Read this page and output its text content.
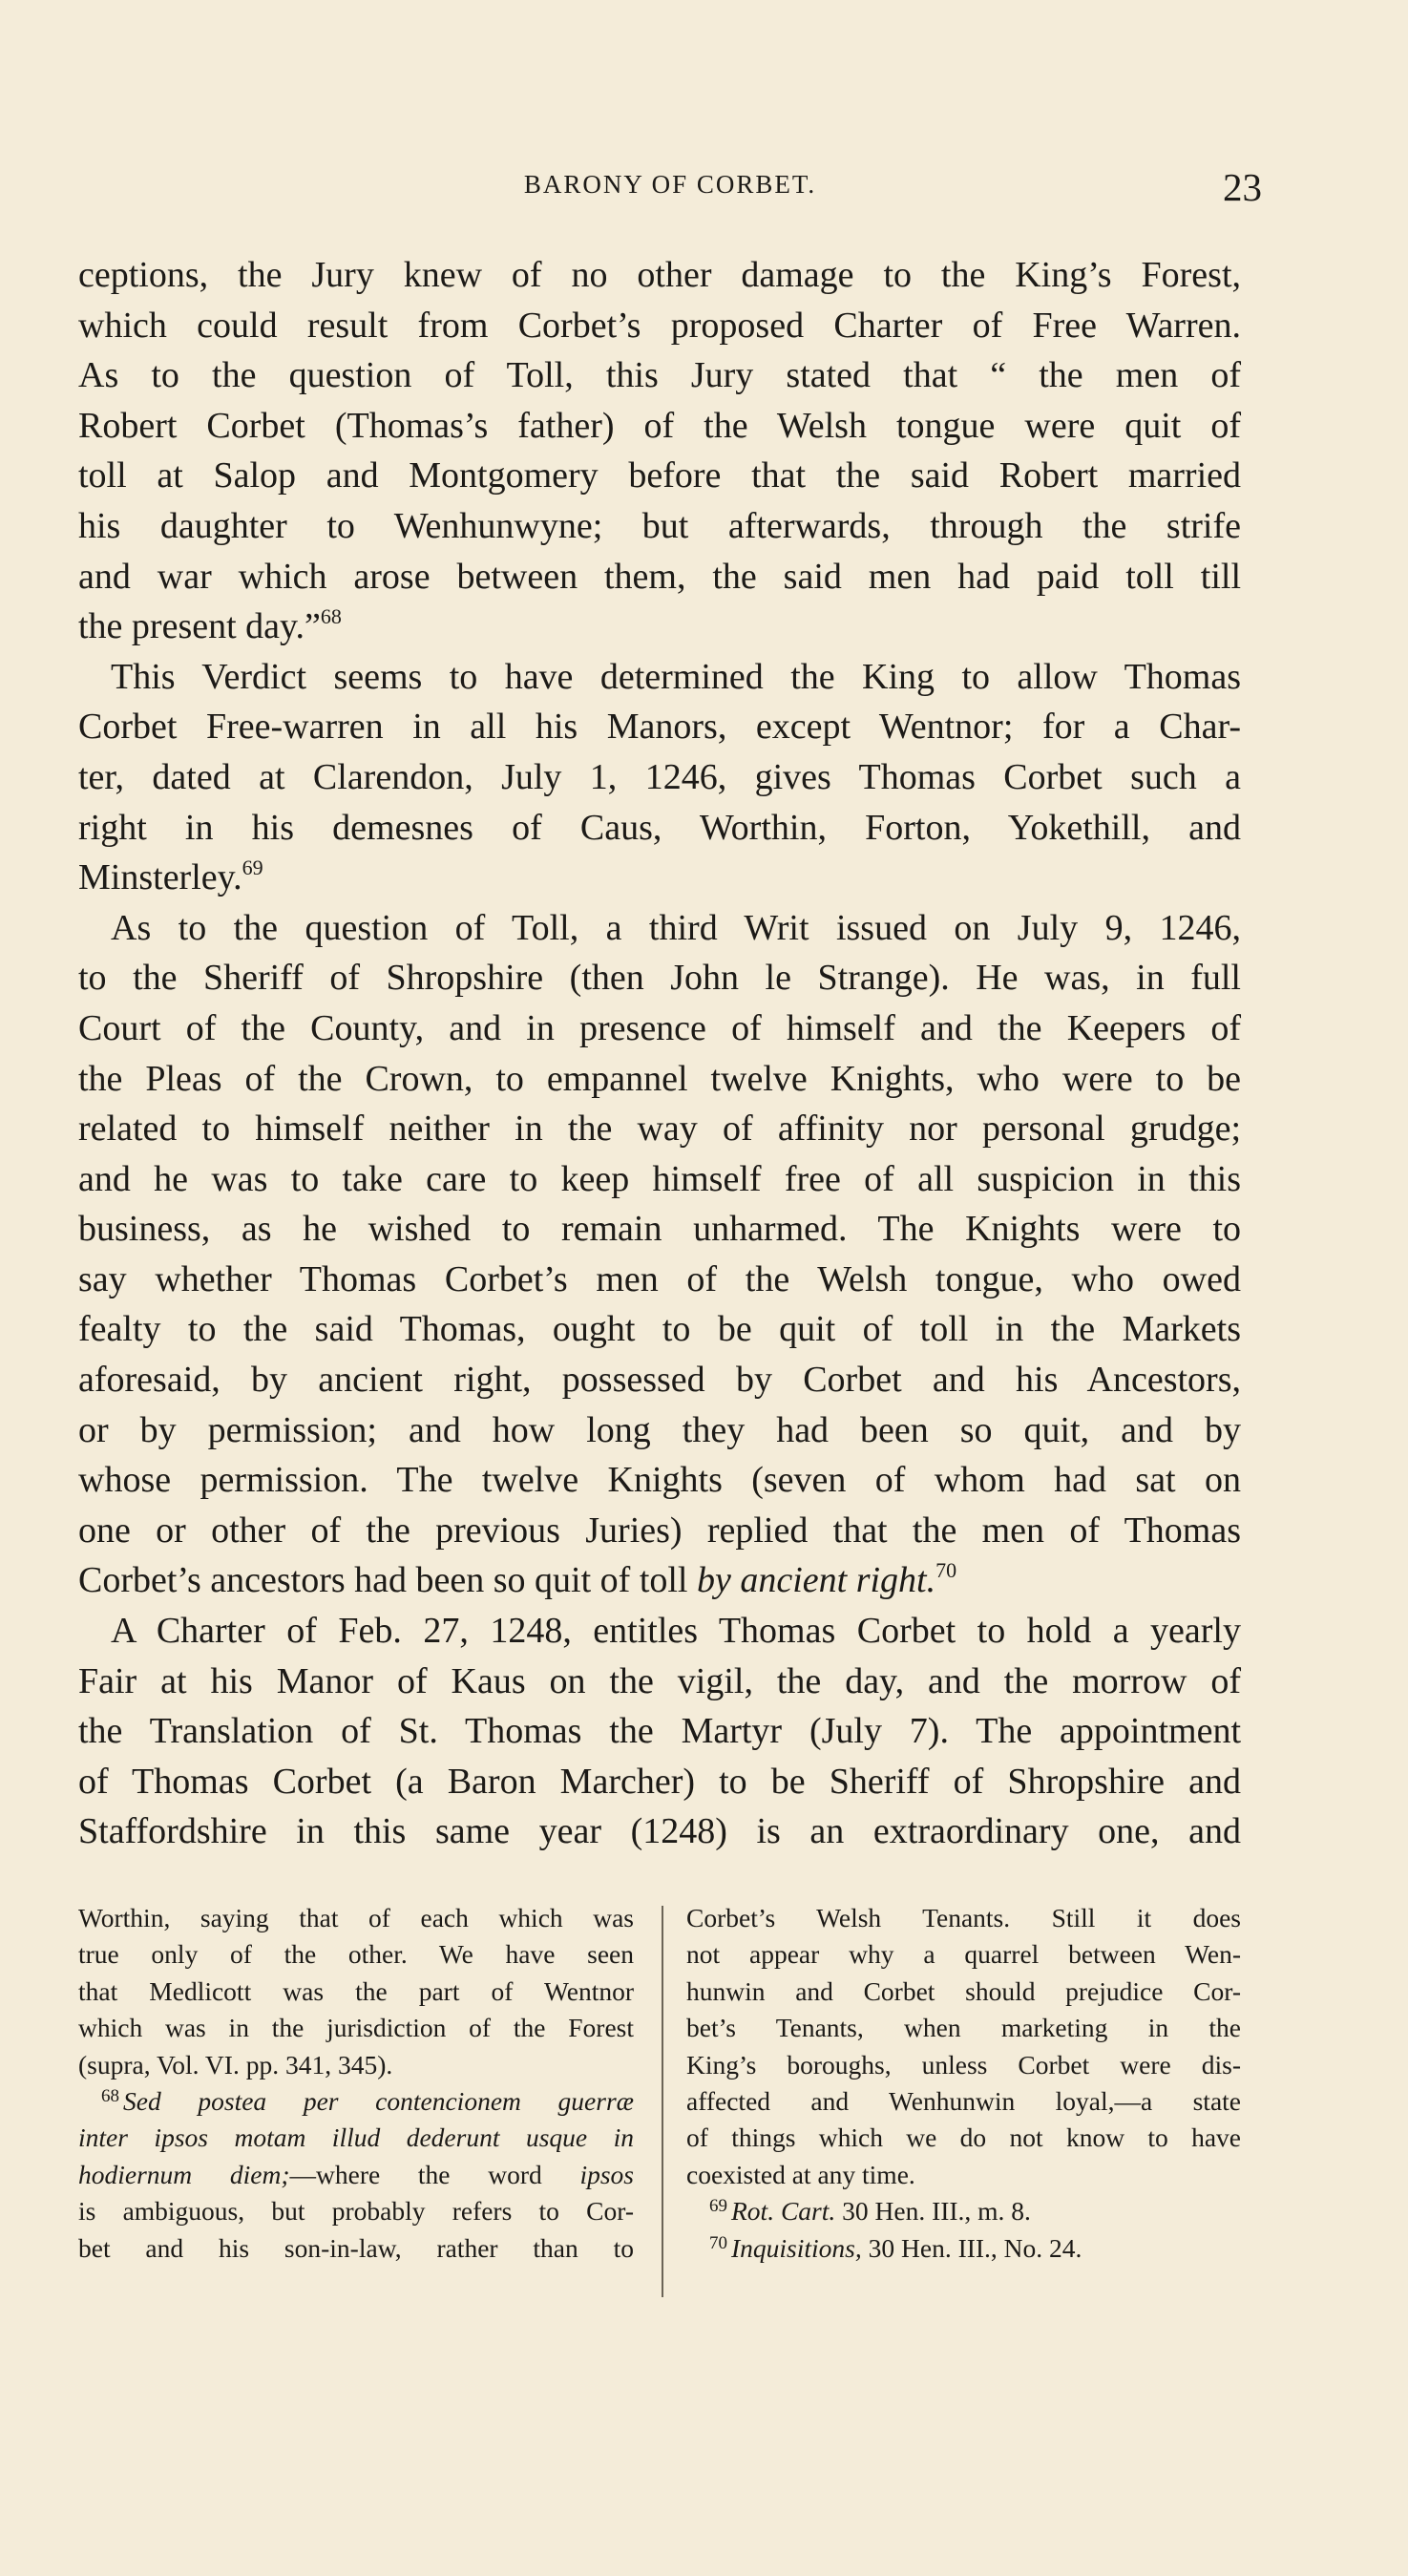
BARONY OF CORBET.	23
ceptions, the Jury knew of no other damage to the King’s Forest,
which could result from Corbet’s proposed Charter of Free Warren.
As to the question of Toll, this Jury stated that “ the men of
Robert Corbet (Thomas’s father) of the Welsh tongue were quit of
toll at Salop and Montgomery before that the said Robert married
his daughter to Wenhunwyne; but afterwards, through the strife
and war which arose between them, the said men had paid toll till
the present day.”$^{68}$
This Verdict seems to have determined the King to allow Thomas
Corbet Free-warren in all his Manors, except Wentnor; for a Char-
ter, dated at Clarendon, July 1, 1246, gives Thomas Corbet such a
right in his demesnes of Caus, Worthin, Forton, Yokethill, and
Minsterley.$^{69}$
As to the question of Toll, a third Writ issued on July 9, 1246,
to the Sheriff of Shropshire (then John le Strange). He was, in full
Court of the County, and in presence of himself and the Keepers of
the Pleas of the Crown, to empannel twelve Knights, who were to be
related to himself neither in the way of affinity nor personal grudge;
and he was to take care to keep himself free of all suspicion in this
business, as he wished to remain unharmed. The Knights were to
say whether Thomas Corbet’s men of the Welsh tongue, who owed
fealty to the said Thomas, ought to be quit of toll in the Markets
aforesaid, by ancient right, possessed by Corbet and his Ancestors,
or by permission; and how long they had been so quit, and by
whose permission. The twelve Knights (seven of whom had sat on
one or other of the previous Juries) replied that the men of Thomas
Corbet’s ancestors had been so quit of toll by ancient right.$^{70}$
A Charter of Feb. 27, 1248, entitles Thomas Corbet to hold a yearly
Fair at his Manor of Kaus on the vigil, the day, and the morrow of
the Translation of St. Thomas the Martyr (July 7). The appointment
of Thomas Corbet (a Baron Marcher) to be Sheriff of Shropshire and
Staffordshire in this same year (1248) is an extraordinary one, and
Worthin, saying that of each which was
true only of the other. We have seen
that Medlicott was the part of Wentnor
which was in the jurisdiction of the Forest
(supra, Vol. VI. pp. 341, 345).
$^{68}$ Sed postea per contencionem guerræ
inter ipsos motam illud dederunt usque in
hodiernum diem;—where the word ipsos
is ambiguous, but probably refers to Cor-
bet and his son-in-law, rather than to
Corbet’s Welsh Tenants. Still it does
not appear why a quarrel between Wen-
hunwin and Corbet should prejudice Cor-
bet’s Tenants, when marketing in the
King’s boroughs, unless Corbet were dis-
affected and Wenhunwin loyal,—a state
of things which we do not know to have
coexisted at any time.
$^{69}$ Rot. Cart. 30 Hen. III., m. 8.
$^{70}$ Inquisitions, 30 Hen. III., No. 24.
